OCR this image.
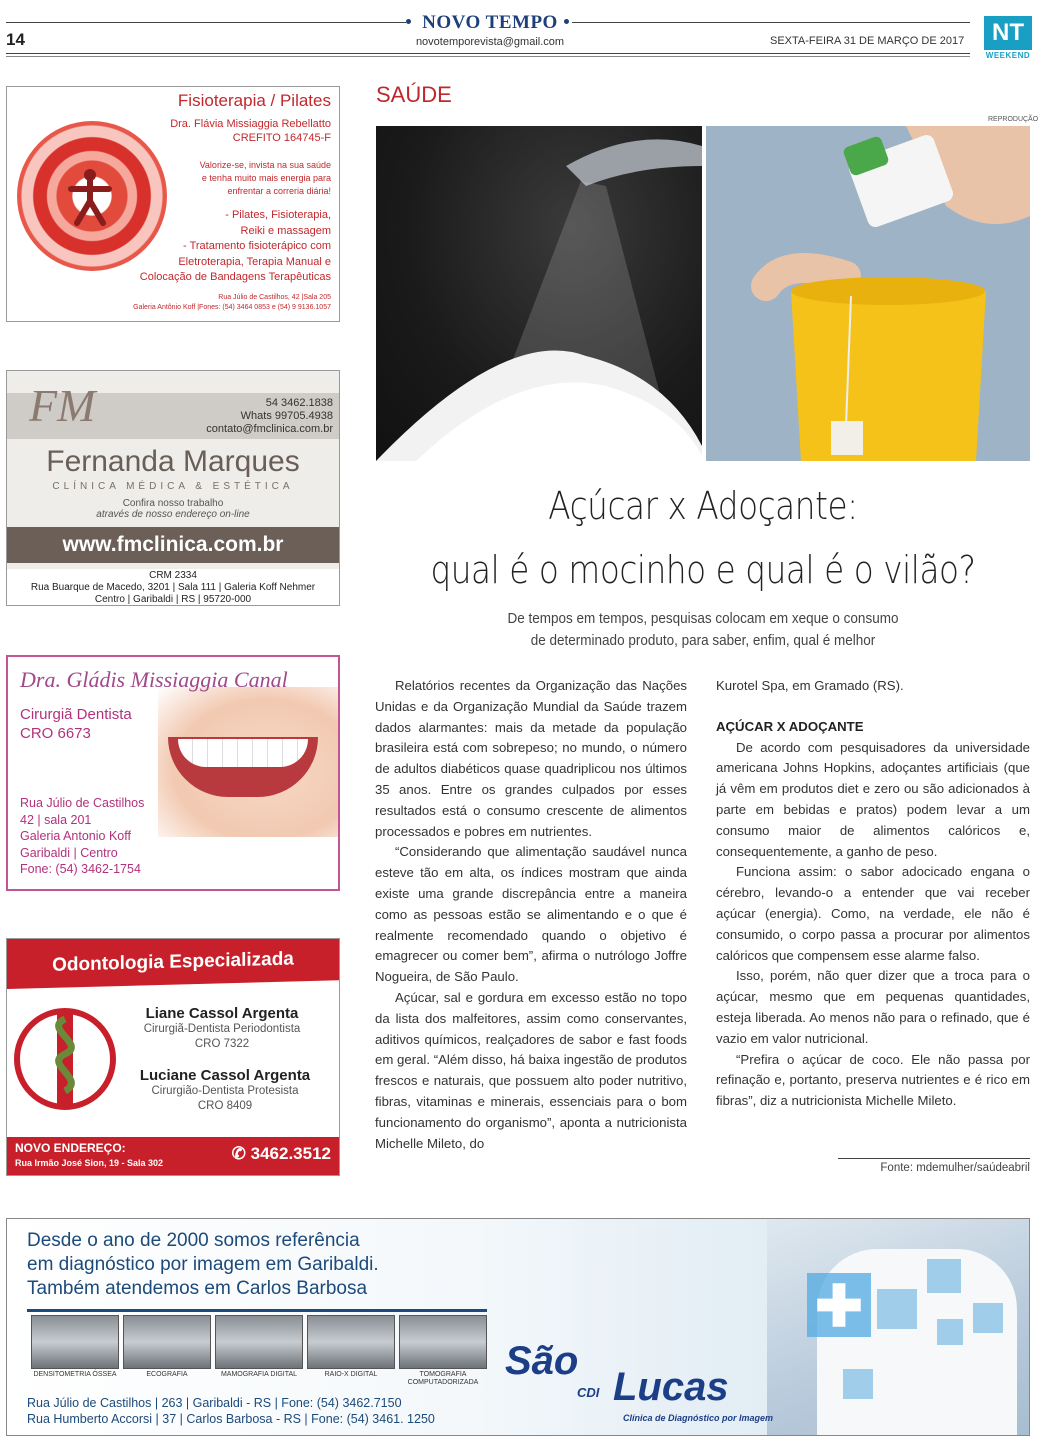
14
NOVO TEMPO
novotemporevista@gmail.com	SEXTA-FEIRA 31 DE MARÇO DE 2017	NT
WEEKEND
Fisioterapia / Pilates
Dra. Flávia Missiaggia Rebellatto
CREFITO 164745-F
Valorize-se, invista na sua saúde
e tenha muito mais energia para
enfrentar a correria diária!
- Pilates, Fisioterapia,
Reiki e massagem
- Tratamento fisioterápico com
Eletroterapia, Terapia Manual e
Colocação de Bandagens Terapêuticas
Rua Júlio de Castilhos, 42 |Sala 205
Galeria Antônio Koff |Fones: (54) 3464 0853 e (54) 9 9136.1057
FM	54 3462.1838
Whats 99705.4938
contato@fmclinica.com.br
Fernanda Marques
CLÍNICA MÉDICA & ESTÉTICA
Confira nosso trabalho
através de nosso endereço on-line
www.fmclinica.com.br
CRM 2334
Rua Buarque de Macedo, 3201 | Sala 111 | Galeria Koff Nehmer
Centro | Garibaldi | RS | 95720-000
Dra. Gládis Missiaggia Canal
Cirurgiã Dentista
CRO 6673
Rua Júlio de Castilhos
42 | sala 201
Galeria Antonio Koff
Garibaldi | Centro
Fone: (54) 3462-1754
Odontologia Especializada
Liane Cassol Argenta
Cirurgiã-Dentista Periodontista
CRO 7322
Luciane Cassol Argenta
Cirurgião-Dentista Protesista
CRO 8409
NOVO ENDEREÇO:
Rua Irmão José Sion, 19 - Sala 302	✆ 3462.3512
SAÚDE
REPRODUÇÃO
Açúcar x Adoçante:
qual é o mocinho e qual é o vilão?
De tempos em tempos, pesquisas colocam em xeque o consumo
de determinado produto, para saber, enfim, qual é melhor

Relatórios recentes da Organização das Nações Unidas e da Organização Mundial da Saúde trazem dados alarmantes: mais da metade da população brasileira está com sobrepeso; no mundo, o número de adultos diabéticos quase quadriplicou nos últimos 35 anos. Entre os grandes culpados por esses resultados está o consumo crescente de alimentos processados e pobres em nutrientes.

“Considerando que alimentação saudável nunca esteve tão em alta, os índices mostram que ainda existe uma grande discrepância entre a maneira como as pessoas estão se alimentando e o que é realmente recomendado quando o objetivo é emagrecer ou comer bem”, afirma o nutrólogo Joffre Nogueira, de São Paulo.

Açúcar, sal e gordura em excesso estão no topo da lista dos malfeitores, assim como conservantes, aditivos químicos, realçadores de sabor e fast foods em geral. “Além disso, há baixa ingestão de produtos frescos e naturais, que possuem alto poder nutritivo, fibras, vitaminas e minerais, essenciais para o bom funcionamento do organismo”, aponta a nutricionista Michelle Mileto, do

Kurotel Spa, em Gramado (RS).

AÇÚCAR X ADOÇANTE

De acordo com pesquisadores da universidade americana Johns Hopkins, adoçantes artificiais (que já vêm em produtos diet e zero ou são adicionados à parte em bebidas e pratos) podem levar a um consumo maior de alimentos calóricos e, consequentemente, a ganho de peso.

Funciona assim: o sabor adocicado engana o cérebro, levando-o a entender que vai receber açúcar (energia). Como, na verdade, ele não é consumido, o corpo passa a procurar por alimentos calóricos que compensem esse alarme falso.

Isso, porém, não quer dizer que a troca para o açúcar, mesmo que em pequenas quantidades, esteja liberada. Ao menos não para o refinado, que é vazio em valor nutricional.

“Prefira o açúcar de coco. Ele não passa por refinação e, portanto, preserva nutrientes e é rico em fibras”, diz a nutricionista Michelle Mileto.

Fonte: mdemulher/saúdeabril
Desde o ano de 2000 somos referência
em diagnóstico por imagem em Garibaldi.
Também atendemos em Carlos Barbosa
DENSITOMETRIA ÓSSEA	ECOGRAFIA	MAMOGRAFIA DIGITAL	RAIO-X DIGITAL	TOMOGRAFIA COMPUTADORIZADA
Rua Júlio de Castilhos | 263 | Garibaldi - RS | Fone: (54) 3462.7150
Rua Humberto Accorsi | 37 | Carlos Barbosa - RS | Fone: (54) 3461. 1250
São
CDI Lucas
Clínica de Diagnóstico por Imagem
